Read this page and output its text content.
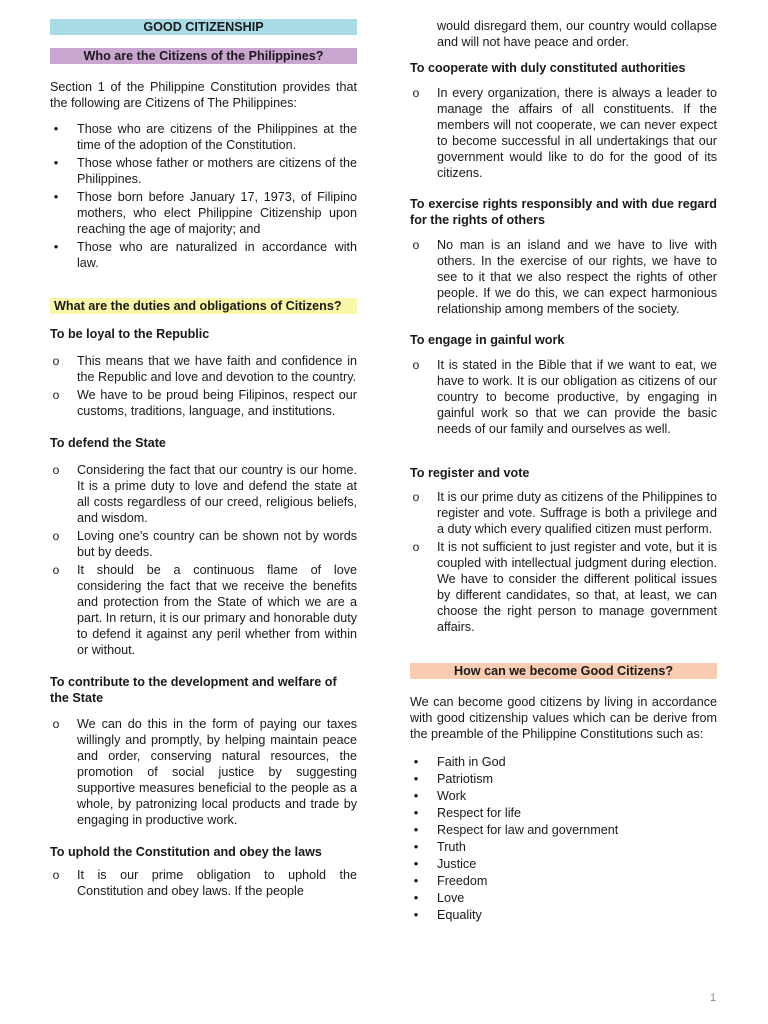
GOOD CITIZENSHIP
Who are the Citizens of the Philippines?

Section 1 of the Philippine Constitution provides that the following are Citizens of The Philippines:

•
Those who are citizens of the Philippines at the time of the adoption of the Constitution.
•
Those whose father or mothers are citizens of the Philippines.
•
Those born before January 17, 1973, of Filipino mothers, who elect Philippine Citizenship upon reaching the age of majority; and
•
Those who are naturalized in accordance with law.
What are the duties and obligations of Citizens?

To be loyal to the Republic

o
This means that we have faith and confidence in the Republic and love and devotion to the country.
o
We have to be proud being Filipinos, respect our customs, traditions, language, and institutions.

To defend the State

o
Considering the fact that our country is our home. It is a prime duty to love and defend the state at all costs regardless of our creed, religious beliefs, and wisdom.
o
Loving one’s country can be shown not by words but by deeds.
o
It should be a continuous flame of love considering the fact that we receive the benefits and protection from the State of which we are a part. In return, it is our primary and honorable duty to defend it against any peril whether from within or without.

To contribute to the development and welfare of the State

o
We can do this in the form of paying our taxes willingly and promptly, by helping maintain peace and order, conserving natural resources, the promotion of social justice by suggesting supportive measures beneficial to the people as a whole, by patronizing local products and trade by engaging in productive work.

To uphold the Constitution and obey the laws

o
It is our prime obligation to uphold the Constitution and obey laws. If the people

would disregard them, our country would collapse and will not have peace and order.

To cooperate with duly constituted authorities

o
In every organization, there is always a leader to manage the affairs of all constituents. If the members will not cooperate, we can never expect to become successful in all undertakings that our government would like to do for the good of its citizens.

To exercise rights responsibly and with due regard for the rights of others

o
No man is an island and we have to live with others. In the exercise of our rights, we have to see to it that we also respect the rights of other people. If we do this, we can expect harmonious relationship among members of the society.

To engage in gainful work

o
It is stated in the Bible that if we want to eat, we have to work. It is our obligation as citizens of our country to become productive, by engaging in gainful work so that we can provide the basic needs of our family and ourselves as well.

To register and vote

o
It is our prime duty as citizens of the Philippines to register and vote. Suffrage is both a privilege and a duty which every qualified citizen must perform.
o
It is not sufficient to just register and vote, but it is coupled with intellectual judgment during election. We have to consider the different political issues by different candidates, so that, at least, we can choose the right person to manage government affairs.
How can we become Good Citizens?

We can become good citizens by living in accordance with good citizenship values which can be derive from the preamble of the Philippine Constitutions such as:

•
Faith in God
•
Patriotism
•
Work
•
Respect for life
•
Respect for law and government
•
Truth
•
Justice
•
Freedom
•
Love
•
Equality
1
